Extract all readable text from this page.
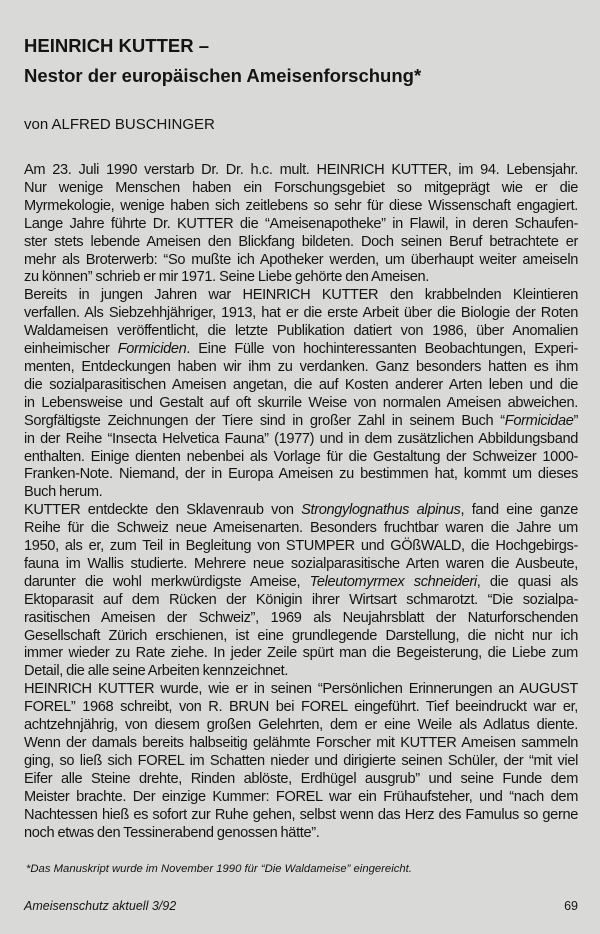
HEINRICH KUTTER –
Nestor der europäischen Ameisenforschung*
von ALFRED BUSCHINGER
Am 23. Juli 1990 verstarb Dr. Dr. h.c. mult. HEINRICH KUTTER, im 94. Lebensjahr.
Nur wenige Menschen haben ein Forschungsgebiet so mitgeprägt wie er die
Myrmekologie, wenige haben sich zeitlebens so sehr für diese Wissenschaft engagiert.
Lange Jahre führte Dr. KUTTER die “Ameisenapotheke” in Flawil, in deren Schaufen-
ster stets lebende Ameisen den Blickfang bildeten. Doch seinen Beruf betrachtete er
mehr als Broterwerb: “So mußte ich Apotheker werden, um überhaupt weiter ameiseln
zu können” schrieb er mir 1971. Seine Liebe gehörte den Ameisen.
Bereits in jungen Jahren war HEINRICH KUTTER den krabbelnden Kleintieren
verfallen. Als Siebzehhjähriger, 1913, hat er die erste Arbeit über die Biologie der Roten
Waldameisen veröffentlicht, die letzte Publikation datiert von 1986, über Anomalien
einheimischer Formiciden. Eine Fülle von hochinteressanten Beobachtungen, Experi-
menten, Entdeckungen haben wir ihm zu verdanken. Ganz besonders hatten es ihm
die sozialparasitischen Ameisen angetan, die auf Kosten anderer Arten leben und die
in Lebensweise und Gestalt auf oft skurrile Weise von normalen Ameisen abweichen.
Sorgfältigste Zeichnungen der Tiere sind in großer Zahl in seinem Buch “Formicidae”
in der Reihe “Insecta Helvetica Fauna” (1977) und in dem zusätzlichen Abbildungsband
enthalten. Einige dienten nebenbei als Vorlage für die Gestaltung der Schweizer 1000-
Franken-Note. Niemand, der in Europa Ameisen zu bestimmen hat, kommt um dieses
Buch herum.
KUTTER entdeckte den Sklavenraub von Strongylognathus alpinus, fand eine ganze
Reihe für die Schweiz neue Ameisenarten. Besonders fruchtbar waren die Jahre um
1950, als er, zum Teil in Begleitung von STUMPER und GÖßWALD, die Hochgebirgs-
fauna im Wallis studierte. Mehrere neue sozialparasitische Arten waren die Ausbeute,
darunter die wohl merkwürdigste Ameise, Teleutomyrmex schneideri, die quasi als
Ektoparasit auf dem Rücken der Königin ihrer Wirtsart schmarotzt. “Die sozialpa-
rasitischen Ameisen der Schweiz”, 1969 als Neujahrsblatt der Naturforschenden
Gesellschaft Zürich erschienen, ist eine grundlegende Darstellung, die nicht nur ich
immer wieder zu Rate ziehe. In jeder Zeile spürt man die Begeisterung, die Liebe zum
Detail, die alle seine Arbeiten kennzeichnet.
HEINRICH KUTTER wurde, wie er in seinen “Persönlichen Erinnerungen an AUGUST
FOREL” 1968 schreibt, von R. BRUN bei FOREL eingeführt. Tief beeindruckt war er,
achtzehnjährig, von diesem großen Gelehrten, dem er eine Weile als Adlatus diente.
Wenn der damals bereits halbseitig gelähmte Forscher mit KUTTER Ameisen sammeln
ging, so ließ sich FOREL im Schatten nieder und dirigierte seinen Schüler, der “mit viel
Eifer alle Steine drehte, Rinden ablöste, Erdhügel ausgrub” und seine Funde dem
Meister brachte. Der einzige Kummer: FOREL war ein Frühaufsteher, und “nach dem
Nachtessen hieß es sofort zur Ruhe gehen, selbst wenn das Herz des Famulus so gerne
noch etwas den Tessinerabend genossen hätte”.
*Das Manuskript wurde im November 1990 für “Die Waldameise” eingereicht.
Ameisenschutz aktuell 3/92	69
